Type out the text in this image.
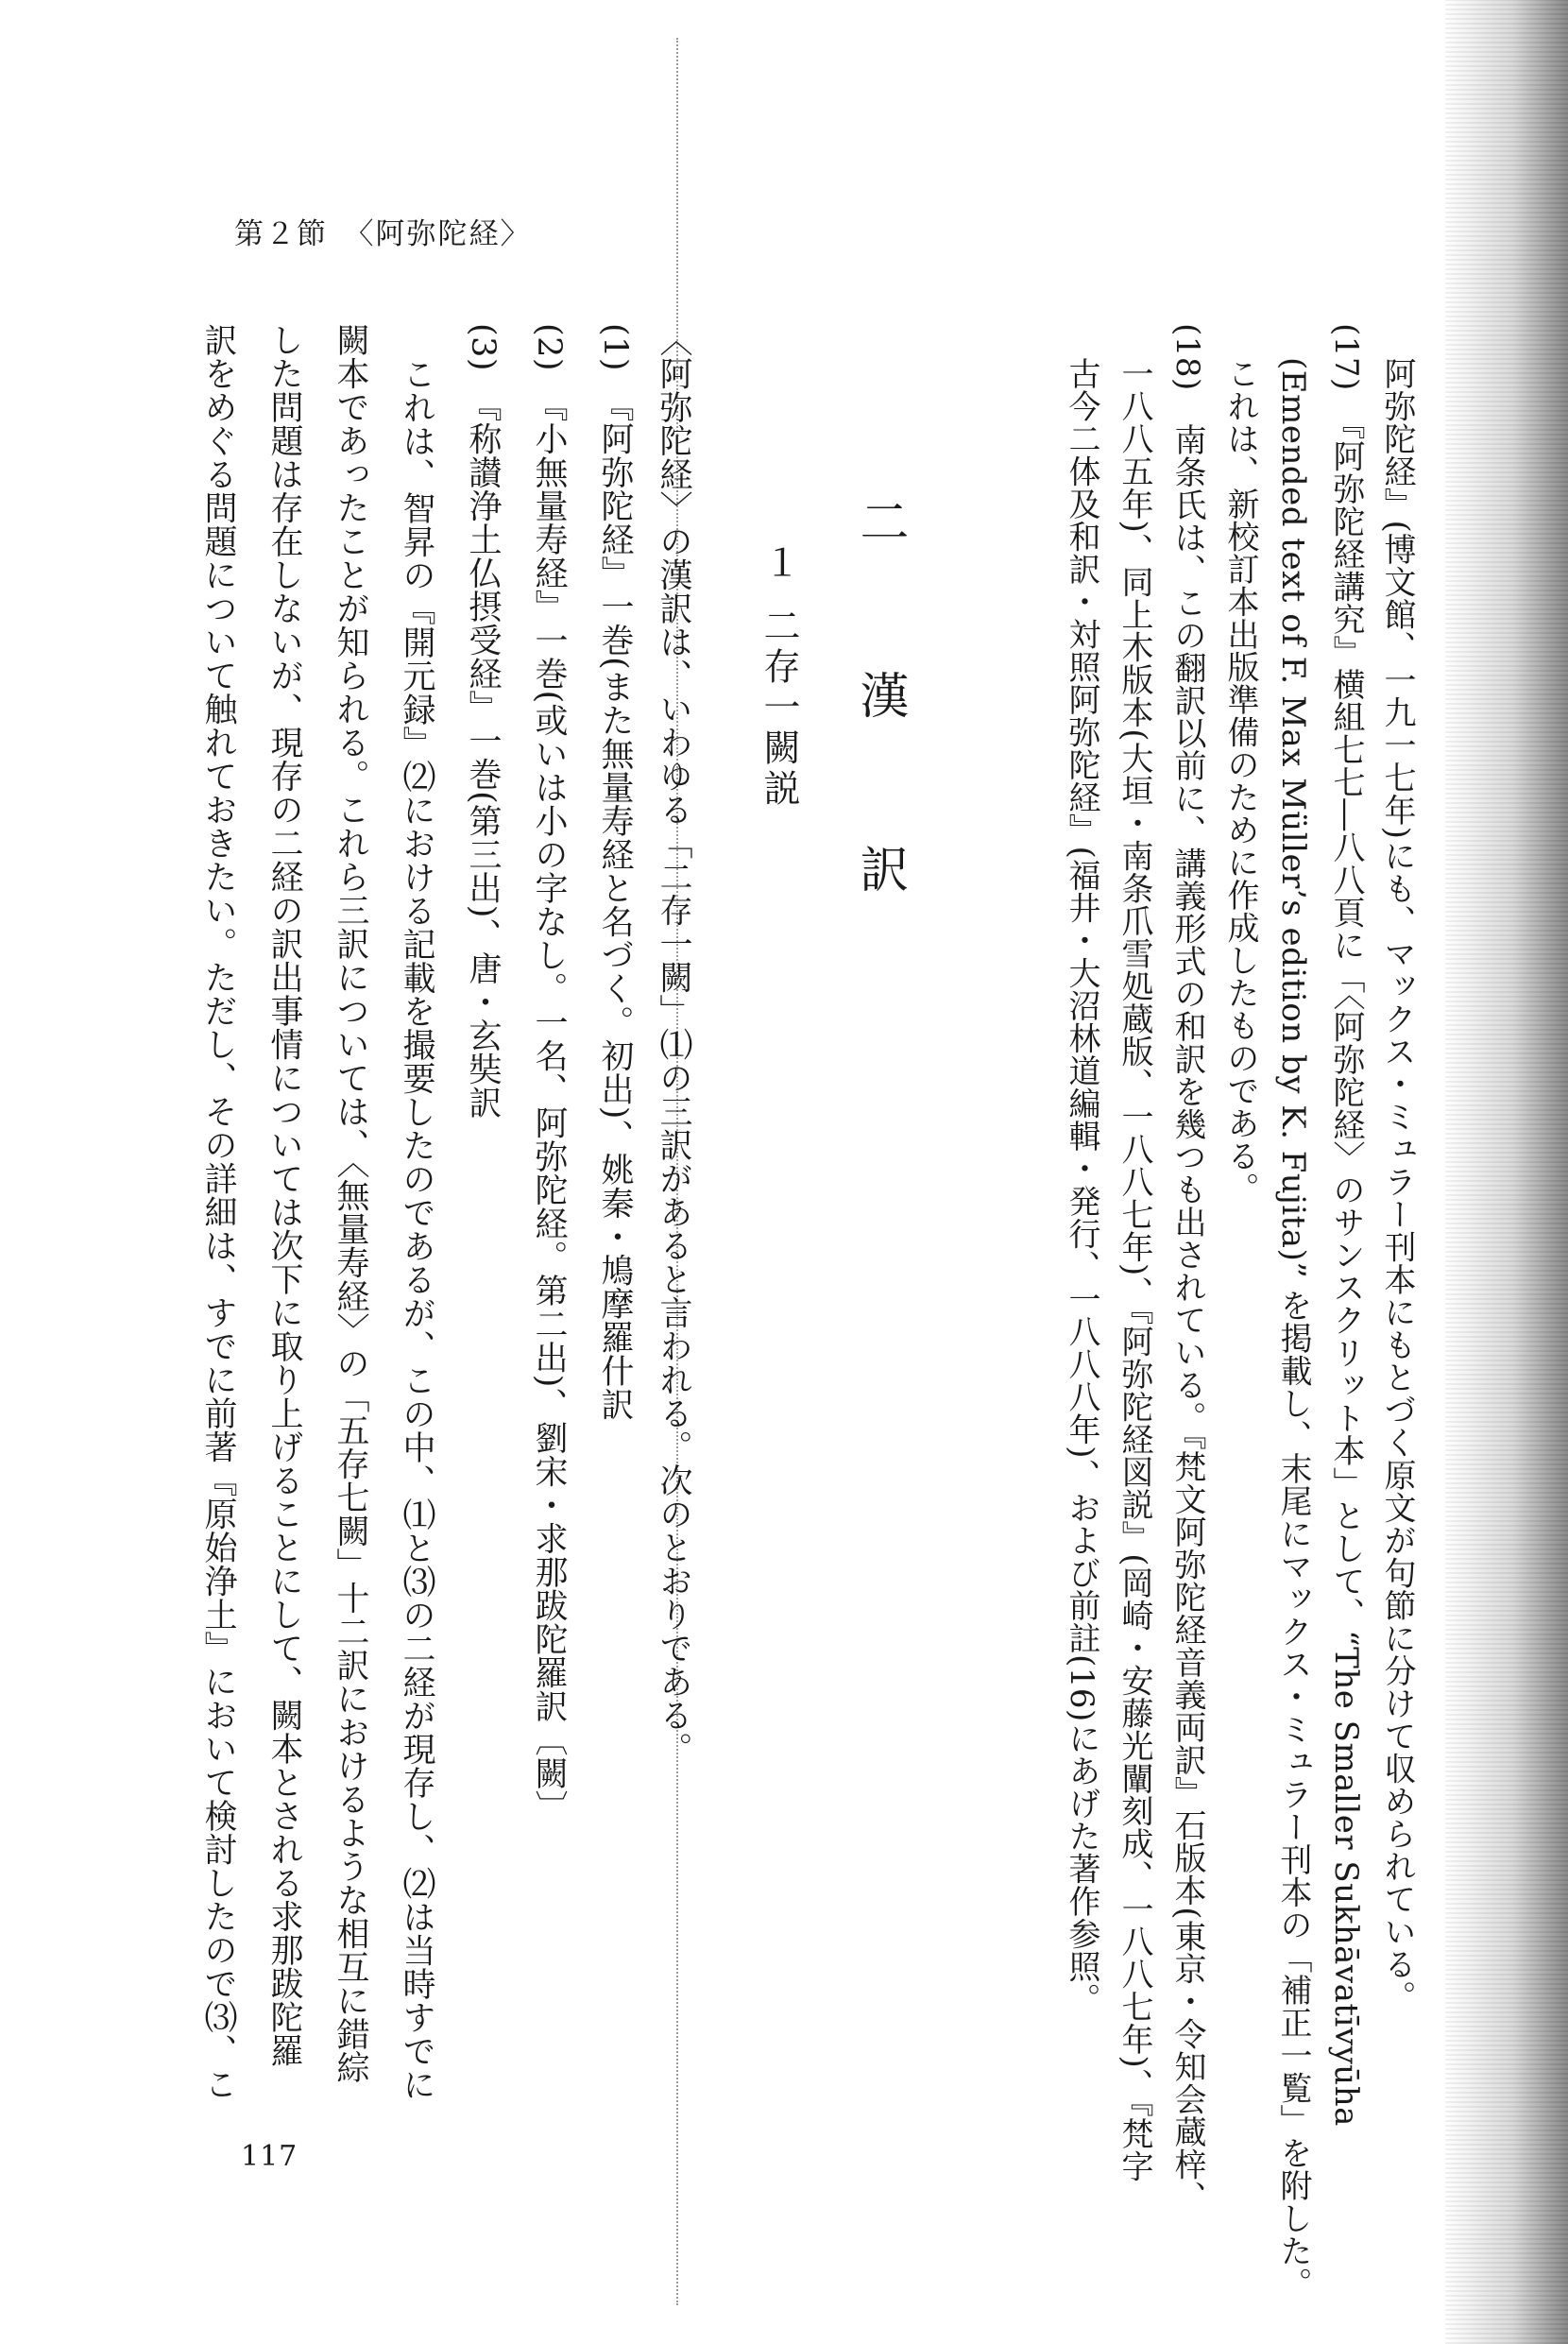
第２節　〈阿弥陀経〉
阿弥陀経』(博文館、一九一七年)にも、マックス・ミュラー刊本にもとづく原文が句節に分けて収められている。
(17)　『阿弥陀経講究』横組七七―八八頁に「〈阿弥陀経〉のサンスクリット本」として、“The Smaller Sukhāvatīvyūha
(Emended text of F. Max Müller’s edition by K. Fujita)” を掲載し、末尾にマックス・ミュラー刊本の「補正一覧」を附した。
これは、新校訂本出版準備のために作成したものである。
(18)　南条氏は、この翻訳以前に、講義形式の和訳を幾つも出されている。『梵文阿弥陀経音義両訳』石版本(東京・令知会蔵梓、
一八八五年)、同上木版本(大垣・南条爪雪処蔵版、一八八七年)、『阿弥陀経図説』(岡崎・安藤光闡刻成、一八八七年)、『梵字
古今二体及和訳・対照阿弥陀経』(福井・大沼林道編輯・発行、一八八八年)、および前註(16)にあげた著作参照。
二　漢　訳
１二存一闕説
〈阿弥陀経〉の漢訳は、いわゆる「二存一闕」⑴の三訳があると言われる。次のとおりである。
(1)　『阿弥陀経』一巻(また無量寿経と名づく。初出)、姚秦・鳩摩羅什訳
(2)　『小無量寿経』一巻(或いは小の字なし。一名、阿弥陀経。第二出)、劉宋・求那跋陀羅訳〔闕〕
(3)　『称讃浄土仏摂受経』一巻(第三出)、唐・玄奘訳
これは、智昇の『開元録』⑵における記載を撮要したのであるが、この中、⑴と⑶の二経が現存し、⑵は当時すでに
闕本であったことが知られる。これら三訳については、〈無量寿経〉の「五存七闕」十二訳におけるような相互に錯綜
した問題は存在しないが、現存の二経の訳出事情については次下に取り上げることにして、闕本とされる求那跋陀羅
訳をめぐる問題について触れておきたい。ただし、その詳細は、すでに前著『原始浄土』において検討したので⑶、こ
117
